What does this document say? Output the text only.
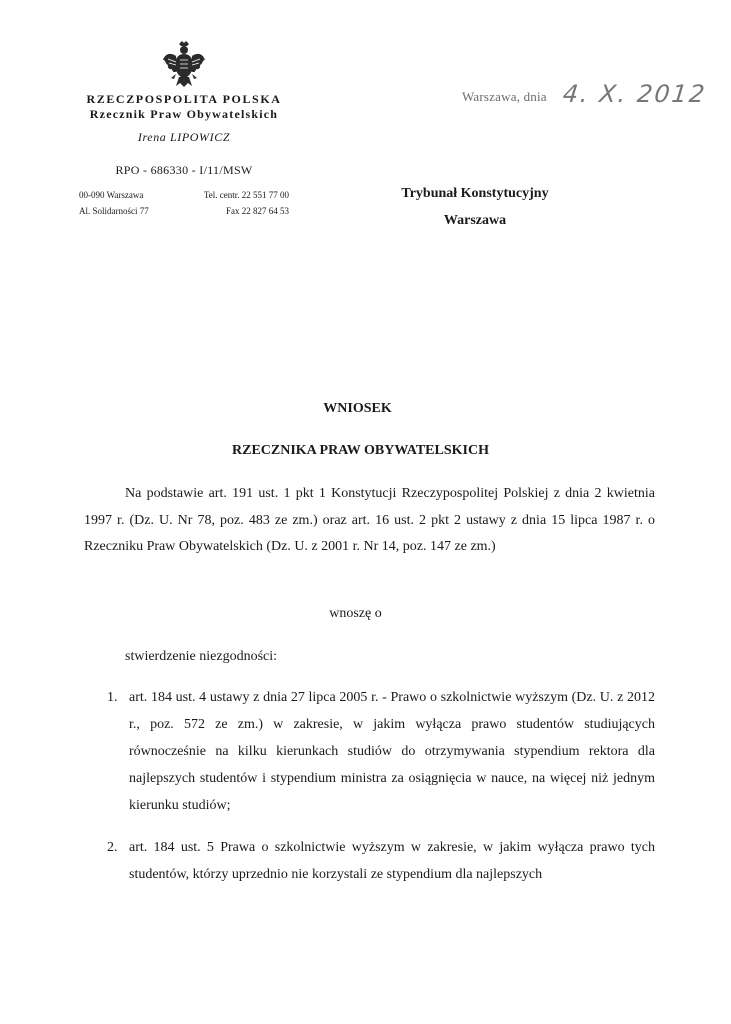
RZECZPOSPOLITA POLSKA
Rzecznik Praw Obywatelskich
Irena LIPOWICZ
RPO - 686330 - I/11/MSW
00-090 Warszawa
Al. Solidarności 77
Tel. centr. 22 551 77 00
Fax 22 827 64 53
Warszawa, dnia 4. X. 2012
Trybunał Konstytucyjny
Warszawa
WNIOSEK
RZECZNIKA PRAW OBYWATELSKICH
Na podstawie art. 191 ust. 1 pkt 1 Konstytucji Rzeczypospolitej Polskiej z dnia 2 kwietnia 1997 r. (Dz. U. Nr 78, poz. 483 ze zm.) oraz art. 16 ust. 2 pkt 2 ustawy z dnia 15 lipca 1987 r. o Rzeczniku Praw Obywatelskich (Dz. U. z 2001 r. Nr 14, poz. 147 ze zm.)
wnoszę o
stwierdzenie niezgodności:
1. art. 184 ust. 4 ustawy z dnia 27 lipca 2005 r. - Prawo o szkolnictwie wyższym (Dz. U. z 2012 r., poz. 572 ze zm.) w zakresie, w jakim wyłącza prawo studentów studiujących równocześnie na kilku kierunkach studiów do otrzymywania stypendium rektora dla najlepszych studentów i stypendium ministra za osiągnięcia w nauce, na więcej niż jednym kierunku studiów;
2. art. 184 ust. 5 Prawa o szkolnictwie wyższym w zakresie, w jakim wyłącza prawo tych studentów, którzy uprzednio nie korzystali ze stypendium dla najlepszych
